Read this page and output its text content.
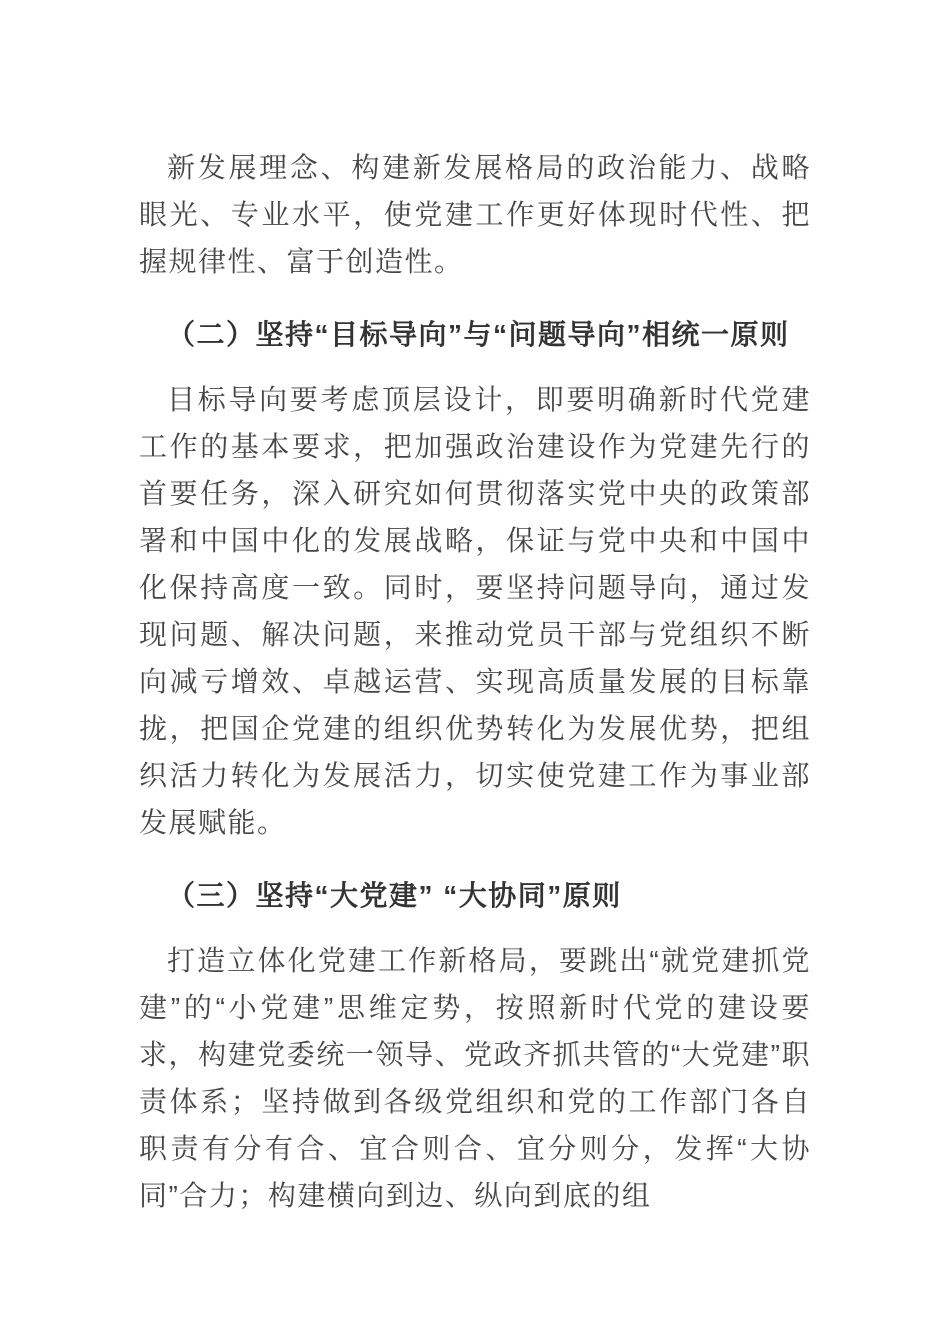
新发展理念、构建新发展格局的政治能力、战略眼光、专业水平，使党建工作更好体现时代性、把握规律性、富于创造性。

（二）坚持“目标导向”与“问题导向”相统一原则

目标导向要考虑顶层设计，即要明确新时代党建工作的基本要求，把加强政治建设作为党建先行的首要任务，深入研究如何贯彻落实党中央的政策部署和中国中化的发展战略，保证与党中央和中国中化保持高度一致。同时，要坚持问题导向，通过发现问题、解决问题，来推动党员干部与党组织不断向减亏增效、卓越运营、实现高质量发展的目标靠拢，把国企党建的组织优势转化为发展优势，把组织活力转化为发展活力，切实使党建工作为事业部发展赋能。

（三）坚持“大党建” “大协同”原则

打造立体化党建工作新格局，要跳出“就党建抓党建”的“小党建”思维定势，按照新时代党的建设要求，构建党委统一领导、党政齐抓共管的“大党建”职责体系；坚持做到各级党组织和党的工作部门各自职责有分有合、宜合则合、宜分则分，发挥“大协同”合力；构建横向到边、纵向到底的组
